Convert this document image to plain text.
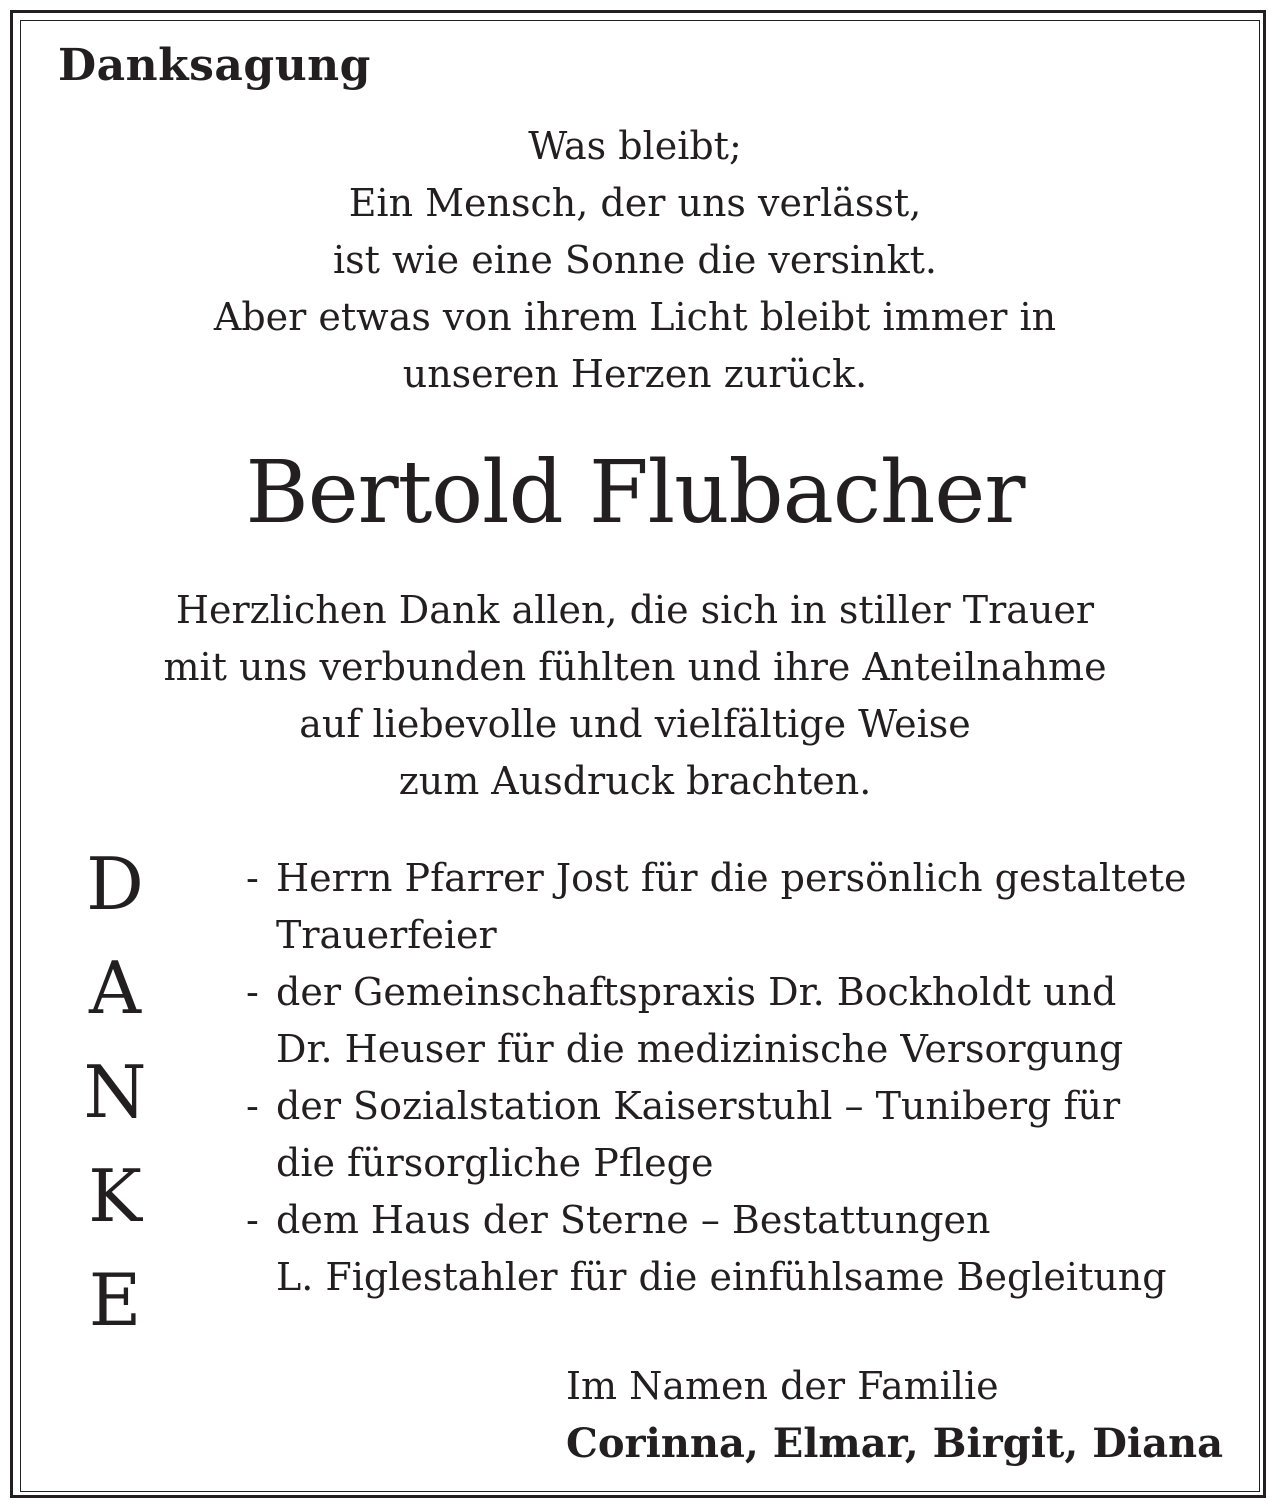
Danksagung
Was bleibt;
Ein Mensch, der uns verlässt,
ist wie eine Sonne die versinkt.
Aber etwas von ihrem Licht bleibt immer in
unseren Herzen zurück.
Bertold Flubacher
Herzlichen Dank allen, die sich in stiller Trauer
mit uns verbunden fühlten und ihre Anteilnahme
auf liebevolle und vielfältige Weise
zum Ausdruck brachten.
D
A
N
K
E
- Herrn Pfarrer Jost für die persönlich gestaltete
Trauerfeier
- der Gemeinschaftspraxis Dr. Bockholdt und
Dr. Heuser für die medizinische Versorgung
- der Sozialstation Kaiserstuhl – Tuniberg für
die fürsorgliche Pflege
- dem Haus der Sterne – Bestattungen
L. Figlestahler für die einfühlsame Begleitung
Im Namen der Familie
Corinna, Elmar, Birgit, Diana
